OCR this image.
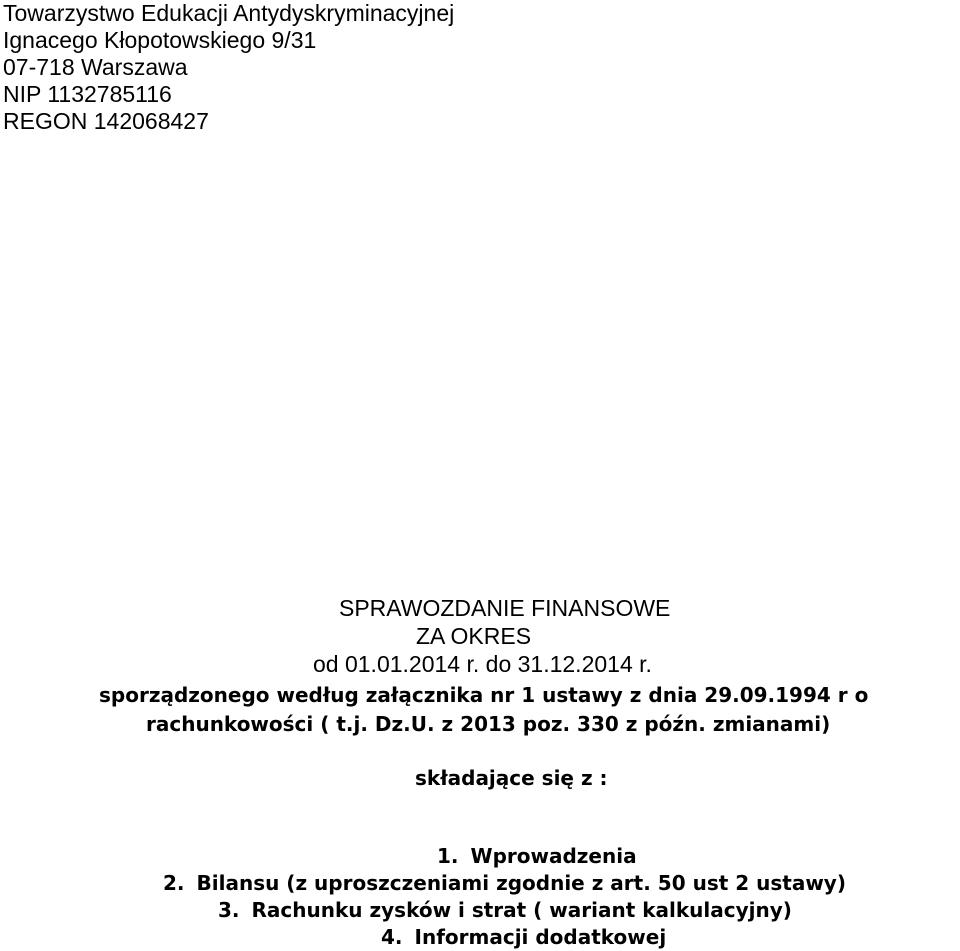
Towarzystwo Edukacji Antydyskryminacyjnej
Ignacego Kłopotowskiego 9/31
07-718 Warszawa
NIP 1132785116
REGON 142068427
SPRAWOZDANIE FINANSOWE
ZA OKRES
od 01.01.2014 r. do 31.12.2014 r.
sporządzonego według załącznika nr 1 ustawy z dnia 29.09.1994 r o
rachunkowości ( t.j. Dz.U. z 2013 poz. 330 z późn. zmianami)
składające się z :
1. Wprowadzenia
2. Bilansu (z uproszczeniami zgodnie z art. 50 ust 2 ustawy)
3. Rachunku zysków i strat ( wariant kalkulacyjny)
4. Informacji dodatkowej
